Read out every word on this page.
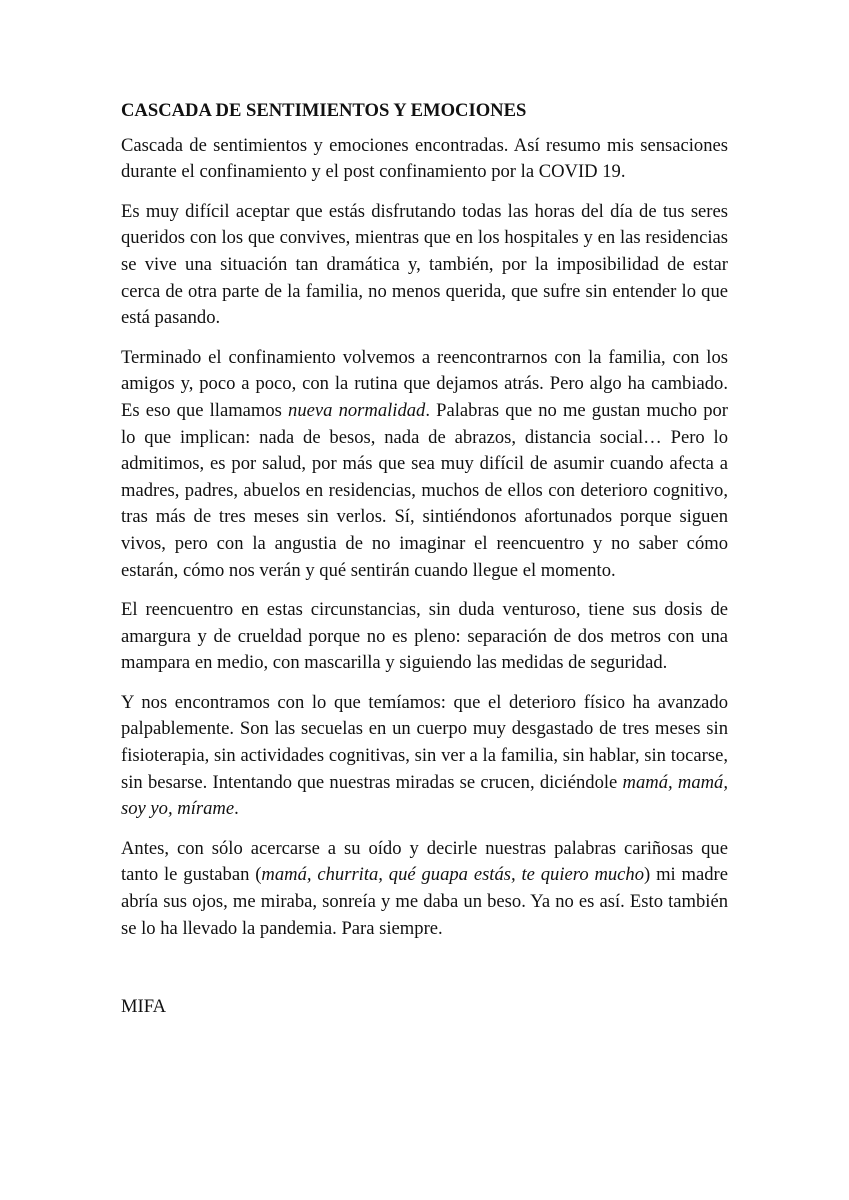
CASCADA DE SENTIMIENTOS Y EMOCIONES

Cascada de sentimientos y emociones encontradas. Así resumo mis sensaciones durante el confinamiento y el post confinamiento por la COVID 19.

Es muy difícil aceptar que estás disfrutando todas las horas del día de tus seres queridos con los que convives, mientras que en los hospitales y en las residencias se vive una situación tan dramática y, también, por la imposibilidad de estar cerca de otra parte de la familia, no menos querida, que sufre sin entender lo que está pasando.

Terminado el confinamiento volvemos a reencontrarnos con la familia, con los amigos y, poco a poco, con la rutina que dejamos atrás. Pero algo ha cambiado. Es eso que llamamos nueva normalidad. Palabras que no me gustan mucho por lo que implican: nada de besos, nada de abrazos, distancia social… Pero lo admitimos, es por salud, por más que sea muy difícil de asumir cuando afecta a madres, padres, abuelos en residencias, muchos de ellos con deterioro cognitivo, tras más de tres meses sin verlos. Sí, sintiéndonos afortunados porque siguen vivos, pero con la angustia de no imaginar el reencuentro y no saber cómo estarán, cómo nos verán y qué sentirán cuando llegue el momento.

El reencuentro en estas circunstancias, sin duda venturoso, tiene sus dosis de amargura y de crueldad porque no es pleno: separación de dos metros con una mampara en medio, con mascarilla y siguiendo las medidas de seguridad.

Y nos encontramos con lo que temíamos: que el deterioro físico ha avanzado palpablemente. Son las secuelas en un cuerpo muy desgastado de tres meses sin fisioterapia, sin actividades cognitivas, sin ver a la familia, sin hablar, sin tocarse, sin besarse. Intentando que nuestras miradas se crucen, diciéndole mamá, mamá, soy yo, mírame.

Antes, con sólo acercarse a su oído y decirle nuestras palabras cariñosas que tanto le gustaban (mamá, churrita, qué guapa estás, te quiero mucho) mi madre abría sus ojos, me miraba, sonreía y me daba un beso. Ya no es así. Esto también se lo ha llevado la pandemia. Para siempre.

MIFA
